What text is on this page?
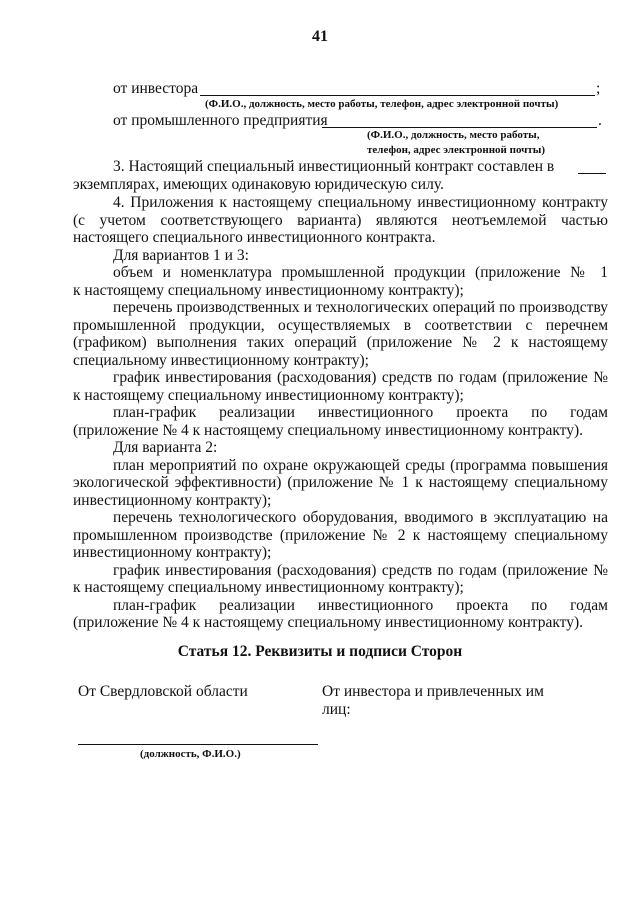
41

от инвестора	;

(Ф.И.О., должность, место работы, телефон, адрес электронной почты)

от промышленного предприятия	.

(Ф.И.О., должность, место работы,

телефон, адрес электронной почты)

3. Настоящий специальный инвестиционный контракт составлен в

экземплярах, имеющих одинаковую юридическую силу.

4. Приложения к настоящему специальному инвестиционному контракту

(с учетом соответствующего варианта) являются неотъемлемой частью

настоящего специального инвестиционного контракта.

Для вариантов 1 и 3:

объем и номенклатура промышленной продукции (приложение № 1

к настоящему специальному инвестиционному контракту);

перечень производственных и технологических операций по производству

промышленной продукции, осуществляемых в соответствии с перечнем

(графиком) выполнения таких операций (приложение № 2 к настоящему

специальному инвестиционному контракту);

график инвестирования (расходования) средств по годам (приложение №

к настоящему специальному инвестиционному контракту);

план-график реализации инвестиционного проекта по годам

(приложение № 4 к настоящему специальному инвестиционному контракту).

Для варианта 2:

план мероприятий по охране окружающей среды (программа повышения

экологической эффективности) (приложение № 1 к настоящему специальному

инвестиционному контракту);

перечень технологического оборудования, вводимого в эксплуатацию на

промышленном производстве (приложение № 2 к настоящему специальному

инвестиционному контракту);

график инвестирования (расходования) средств по годам (приложение №

к настоящему специальному инвестиционному контракту);

план-график реализации инвестиционного проекта по годам

(приложение № 4 к настоящему специальному инвестиционному контракту).

Статья 12. Реквизиты и подписи Сторон

От Свердловской области	От инвестора и привлеченных им

лиц:

(должность, Ф.И.О.)
